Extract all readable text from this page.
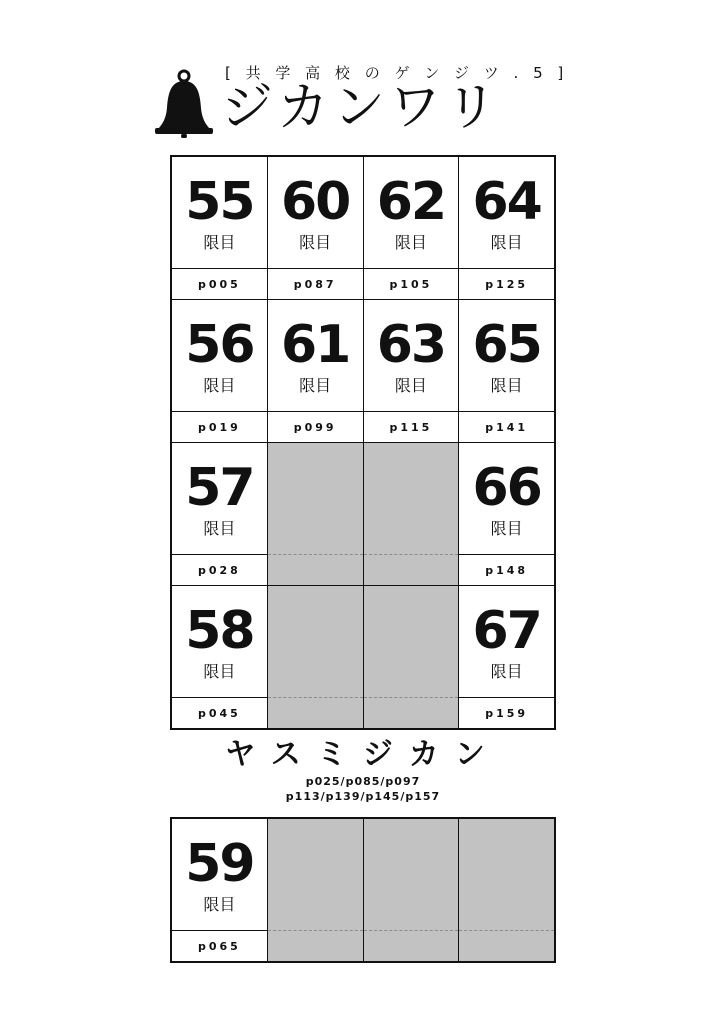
[ 共 学 高 校 の ゲ ン ジ ツ . 5 ]
ジカンワリ
55
限目
p005
60
限目
p087
62
限目
p105
64
限目
p125
56
限目
p019
61
限目
p099
63
限目
p115
65
限目
p141
57
限目
p028
66
限目
p148
58
限目
p045
67
限目
p159
ヤスミジカン
p025/p085/p097
p113/p139/p145/p157
59
限目
p065
